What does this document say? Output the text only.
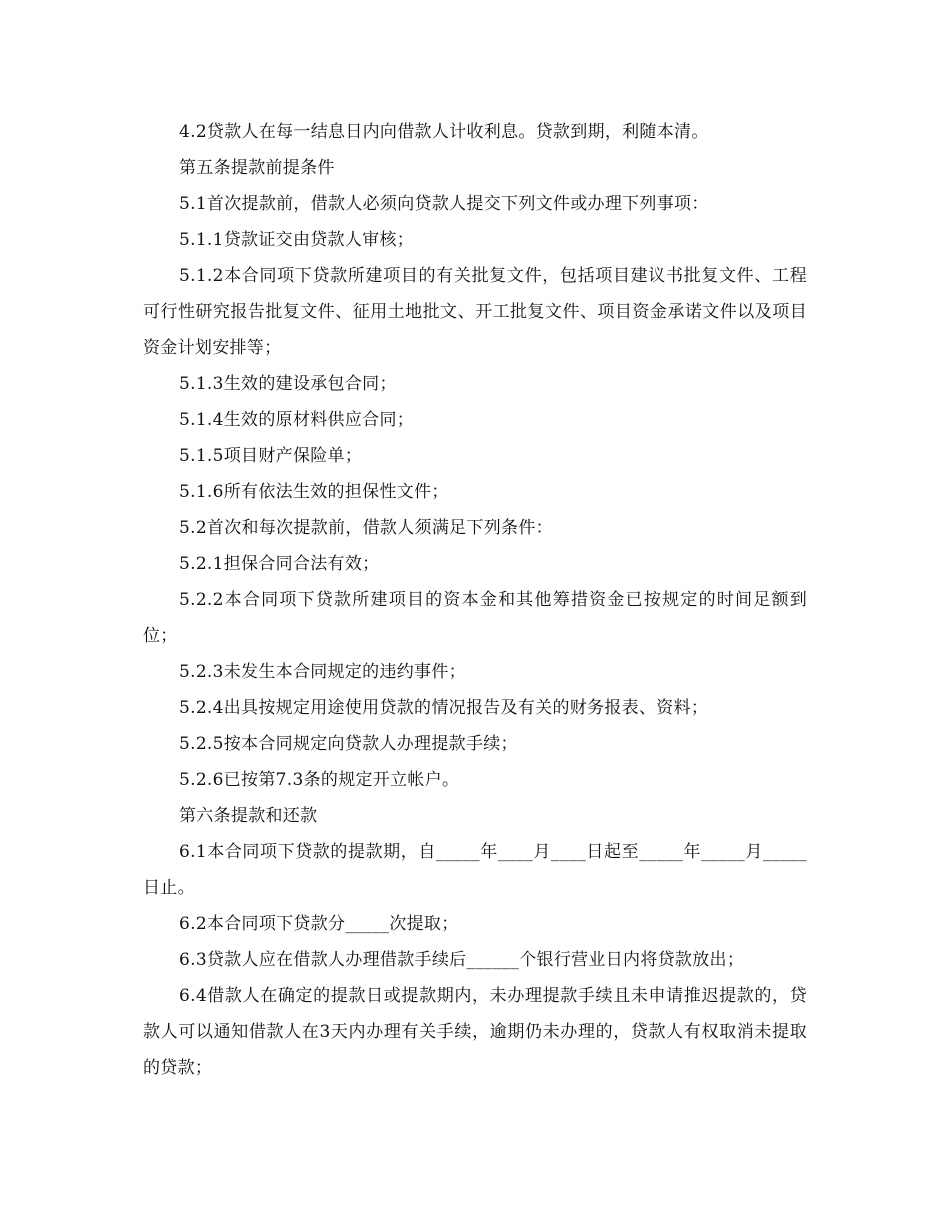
4.2贷款人在每一结息日内向借款人计收利息。贷款到期，利随本清。

第五条提款前提条件

5.1首次提款前，借款人必须向贷款人提交下列文件或办理下列事项：

5.1.1贷款证交由贷款人审核；

5.1.2本合同项下贷款所建项目的有关批复文件，包括项目建议书批复文件、工程可行性研究报告批复文件、征用土地批文、开工批复文件、项目资金承诺文件以及项目资金计划安排等；

5.1.3生效的建设承包合同；

5.1.4生效的原材料供应合同；

5.1.5项目财产保险单；

5.1.6所有依法生效的担保性文件；

5.2首次和每次提款前，借款人须满足下列条件：

5.2.1担保合同合法有效；

5.2.2本合同项下贷款所建项目的资本金和其他筹措资金已按规定的时间足额到位；

5.2.3未发生本合同规定的违约事件；

5.2.4出具按规定用途使用贷款的情况报告及有关的财务报表、资料；

5.2.5按本合同规定向贷款人办理提款手续；

5.2.6已按第7.3条的规定开立帐户。

第六条提款和还款

6.1本合同项下贷款的提款期，自_____年____月____日起至_____年_____月_____日止。

6.2本合同项下贷款分_____次提取；

6.3贷款人应在借款人办理借款手续后______个银行营业日内将贷款放出；

6.4借款人在确定的提款日或提款期内，未办理提款手续且未申请推迟提款的，贷款人可以通知借款人在3天内办理有关手续，逾期仍未办理的，贷款人有权取消未提取的贷款；
